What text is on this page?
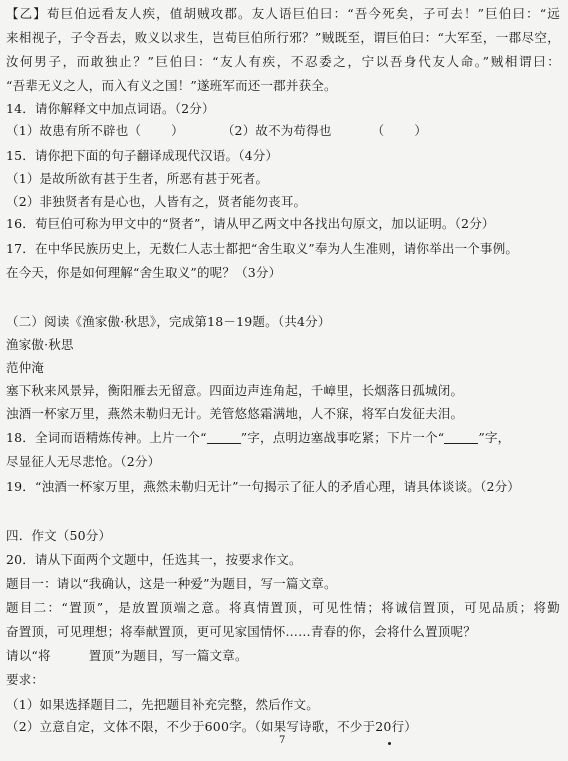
【乙】荀巨伯远看友人疾，值胡贼攻郡。友人语巨伯曰：“吾今死矣，子可去！”巨伯曰：“远
来相视子，子令吾去，败义以求生，岂荀巨伯所行邪？”贼既至，谓巨伯曰：“大军至，一郡尽空，
汝何男子，而敢独止？”巨伯曰：“友人有疾，不忍委之，宁以吾身代友人命。”贼相谓曰：
“吾辈无义之人，而入有义之国！”遂班军而还一郡并获全。
14．请你解释文中加点词语。（2分）
（1）故患有所不辟也（ ）	（2）故不为苟得也	（ ）
15．请你把下面的句子翻译成现代汉语。（4分）
（1）是故所欲有甚于生者，所恶有甚于死者。
（2）非独贤者有是心也，人皆有之，贤者能勿丧耳。
16．荀巨伯可称为甲文中的“贤者”，请从甲乙两文中各找出句原文，加以证明。（2分）
17．在中华民族历史上，无数仁人志士都把“舍生取义”奉为人生准则，请你举出一个事例。
在今天，你是如何理解“舍生取义”的呢？（3分）
（二）阅读《渔家傲·秋思》，完成第18－19题。（共4分）
渔家傲·秋思
范仲淹
塞下秋来风景异，衡阳雁去无留意。四面边声连角起，千嶂里，长烟落日孤城闭。
浊酒一杯家万里，燕然未勒归无计。羌管悠悠霜满地，人不寐，将军白发征夫泪。
18．全词而语精炼传神。上片一个“	”字，点明边塞战事吃紧；下片一个“	”字，
尽显征人无尽悲怆。（2分）
19．“浊酒一杯家万里，燕然未勒归无计”一句揭示了征人的矛盾心理，请具体谈谈。（2分）
四．作文（50分）
20．请从下面两个文题中，任选其一，按要求作文。
题目一：请以“我确认，这是一种爱”为题目，写一篇文章。
题目二：“置顶”，是放置顶端之意。将真情置顶，可见性情；将诚信置顶，可见品质；将勤
奋置顶，可见理想；将奉献置顶，更可见家国情怀……青春的你，会将什么置顶呢？
请以“将	置顶”为题目，写一篇文章。
要求：
（1）如果选择题目二，先把题目补充完整，然后作文。
（2）立意自定，文体不限，不少于600字。（如果写诗歌，不少于20行）
7
